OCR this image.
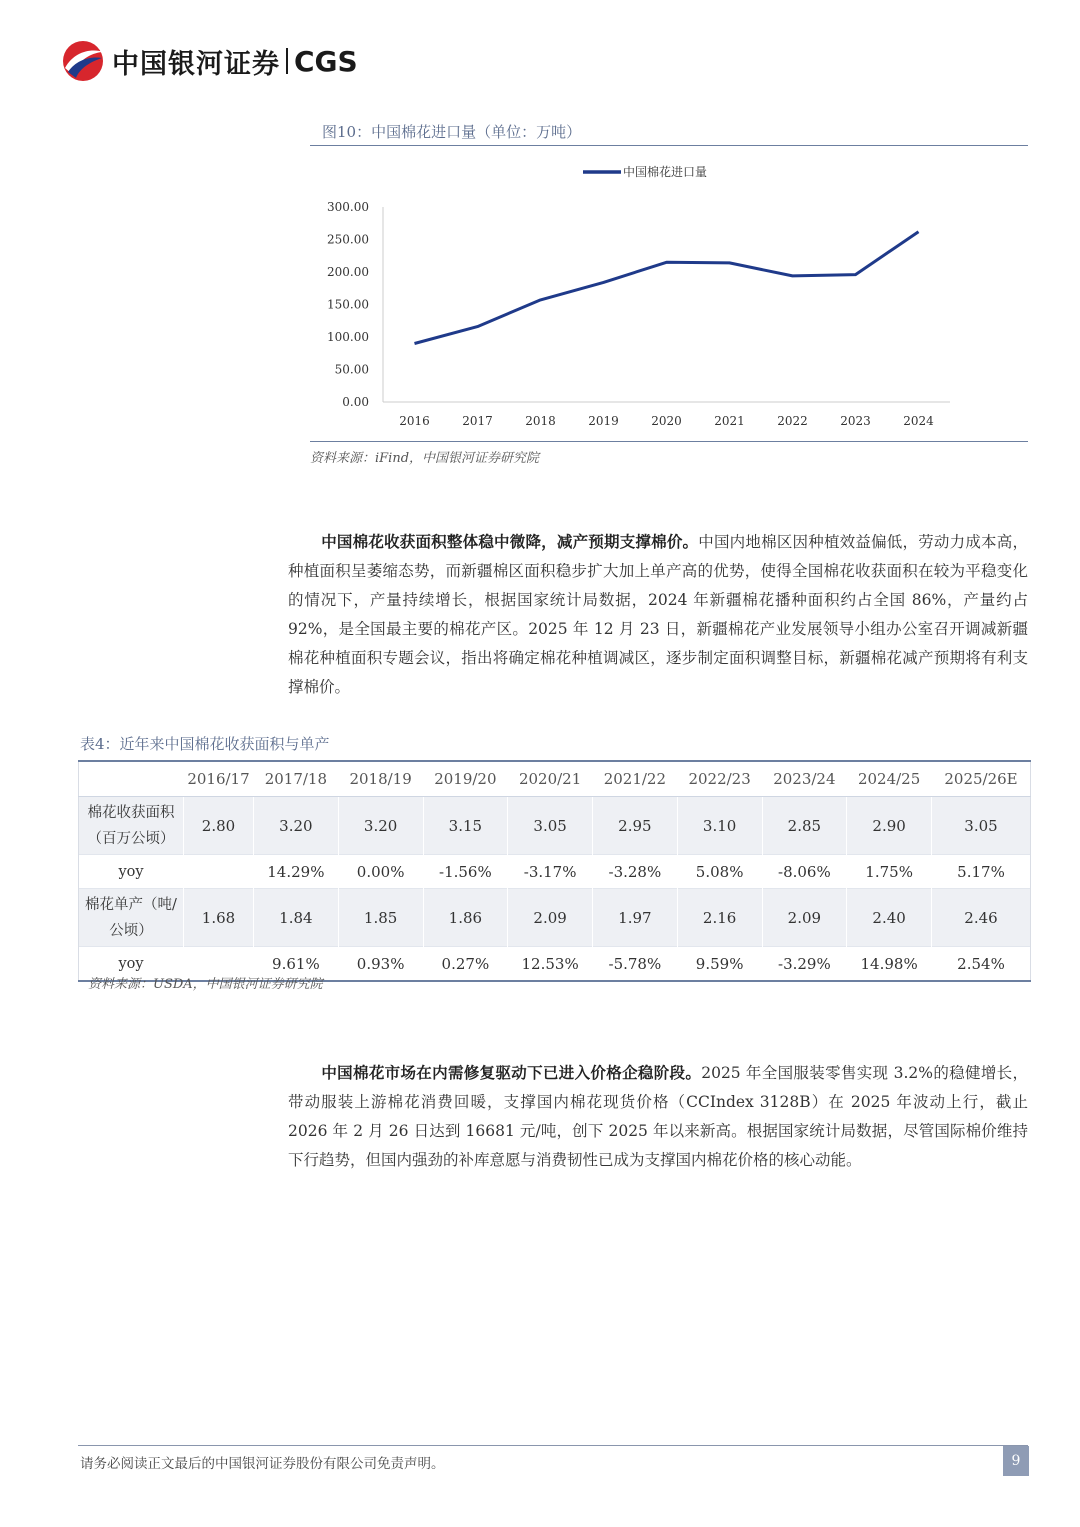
中国银河证券 CGS
图10：中国棉花进口量（单位：万吨）
中国棉花进口量
0.00
50.00
100.00
150.00
200.00
250.00
300.00
2016	2017	2018	2019	2020	2021	2022	2023	2024
资料来源：iFind，中国银河证券研究院
中国棉花收获面积整体稳中微降，减产预期支撑棉价。中国内地棉区因种植效益偏低，劳动力成本高，种植面积呈萎缩态势，而新疆棉区面积稳步扩大加上单产高的优势，使得全国棉花收获面积在较为平稳变化的情况下，产量持续增长，根据国家统计局数据，2024 年新疆棉花播种面积约占全国 86%，产量约占 92%，是全国最主要的棉花产区。2025 年 12 月 23 日，新疆棉花产业发展领导小组办公室召开调减新疆棉花种植面积专题会议，指出将确定棉花种植调减区，逐步制定面积调整目标，新疆棉花减产预期将有利支撑棉价。
表4：近年来中国棉花收获面积与单产
	2016/17	2017/18	2018/19	2019/20	2020/21	2021/22	2022/23	2023/24	2024/25	2025/26E
棉花收获面积
（百万公顷）	2.80	3.20	3.20	3.15	3.05	2.95	3.10	2.85	2.90	3.05
yoy		14.29%	0.00%	-1.56%	-3.17%	-3.28%	5.08%	-8.06%	1.75%	5.17%
棉花单产（吨/
公顷）	1.68	1.84	1.85	1.86	2.09	1.97	2.16	2.09	2.40	2.46
yoy		9.61%	0.93%	0.27%	12.53%	-5.78%	9.59%	-3.29%	14.98%	2.54%
资料来源：USDA，中国银河证券研究院
中国棉花市场在内需修复驱动下已进入价格企稳阶段。2025 年全国服装零售实现 3.2%的稳健增长，带动服装上游棉花消费回暖，支撑国内棉花现货价格（CCIndex 3128B）在 2025 年波动上行，截止 2026 年 2 月 26 日达到 16681 元/吨，创下 2025 年以来新高。根据国家统计局数据，尽管国际棉价维持下行趋势，但国内强劲的补库意愿与消费韧性已成为支撑国内棉花价格的核心动能。
请务必阅读正文最后的中国银河证券股份有限公司免责声明。	9
